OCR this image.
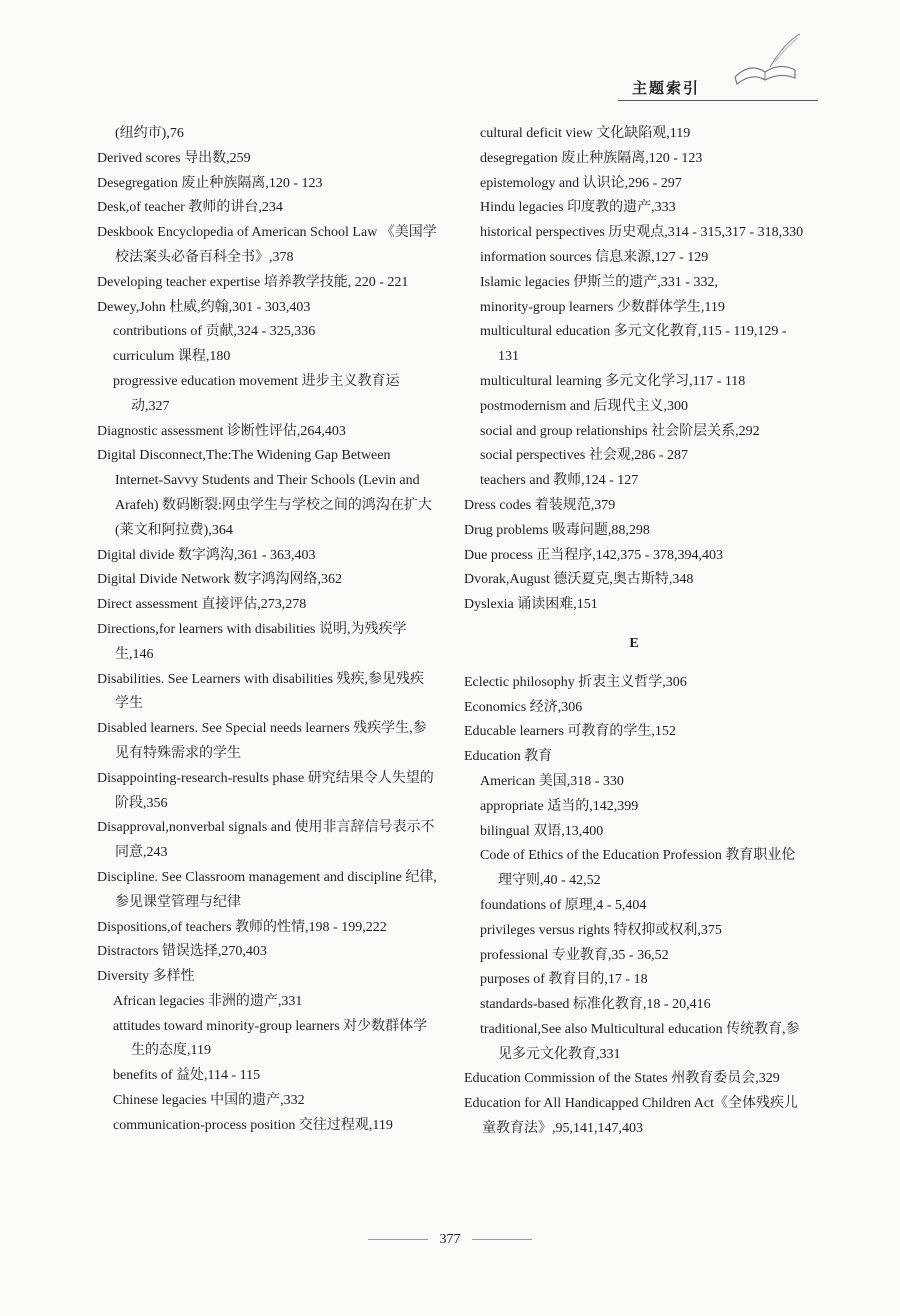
主题索引

(纽约市),76

Derived scores 导出数,259

Desegregation 废止种族隔离,120 - 123

Desk,of teacher 教师的讲台,234

Deskbook Encyclopedia of American School Law 《美国学校法案头必备百科全书》,378

Developing teacher expertise 培养教学技能, 220 - 221

Dewey,John 杜威,约翰,301 - 303,403

contributions of 贡献,324 - 325,336

curriculum 课程,180

progressive education movement 进步主义教育运动,327

Diagnostic assessment 诊断性评估,264,403

Digital Disconnect,The:The Widening Gap Between Internet-Savvy Students and Their Schools (Levin and Arafeh) 数码断裂:网虫学生与学校之间的鸿沟在扩大(莱文和阿拉费),364

Digital divide 数字鸿沟,361 - 363,403

Digital Divide Network 数字鸿沟网络,362

Direct assessment 直接评估,273,278

Directions,for learners with disabilities 说明,为残疾学生,146

Disabilities. See Learners with disabilities 残疾,参见残疾学生

Disabled learners. See Special needs learners 残疾学生,参见有特殊需求的学生

Disappointing-research-results phase 研究结果令人失望的阶段,356

Disapproval,nonverbal signals and 使用非言辞信号表示不同意,243

Discipline. See Classroom management and discipline 纪律,参见课堂管理与纪律

Dispositions,of teachers 教师的性情,198 - 199,222

Distractors 错误选择,270,403

Diversity 多样性

African legacies 非洲的遗产,331

attitudes toward minority-group learners 对少数群体学生的态度,119

benefits of 益处,114 - 115

Chinese legacies 中国的遗产,332

communication-process position 交往过程观,119

cultural deficit view 文化缺陷观,119

desegregation 废止种族隔离,120 - 123

epistemology and 认识论,296 - 297

Hindu legacies 印度教的遗产,333

historical perspectives 历史观点,314 - 315,317 - 318,330

information sources 信息来源,127 - 129

Islamic legacies 伊斯兰的遗产,331 - 332,

minority-group learners 少数群体学生,119

multicultural education 多元文化教育,115 - 119,129 - 131

multicultural learning 多元文化学习,117 - 118

postmodernism and 后现代主义,300

social and group relationships 社会阶层关系,292

social perspectives 社会观,286 - 287

teachers and 教师,124 - 127

Dress codes 着装规范,379

Drug problems 吸毒问题,88,298

Due process 正当程序,142,375 - 378,394,403

Dvorak,August 德沃夏克,奥古斯特,348

Dyslexia 诵读困难,151

E

Eclectic philosophy 折衷主义哲学,306

Economics 经济,306

Educable learners 可教育的学生,152

Education 教育

American 美国,318 - 330

appropriate 适当的,142,399

bilingual 双语,13,400

Code of Ethics of the Education Profession 教育职业伦理守则,40 - 42,52

foundations of 原理,4 - 5,404

privileges versus rights 特权抑或权利,375

professional 专业教育,35 - 36,52

purposes of 教育目的,17 - 18

standards-based 标准化教育,18 - 20,416

traditional,See also Multicultural education 传统教育,参见多元文化教育,331

Education Commission of the States 州教育委员会,329

Education for All Handicapped Children Act《全体残疾儿童教育法》,95,141,147,403

377
